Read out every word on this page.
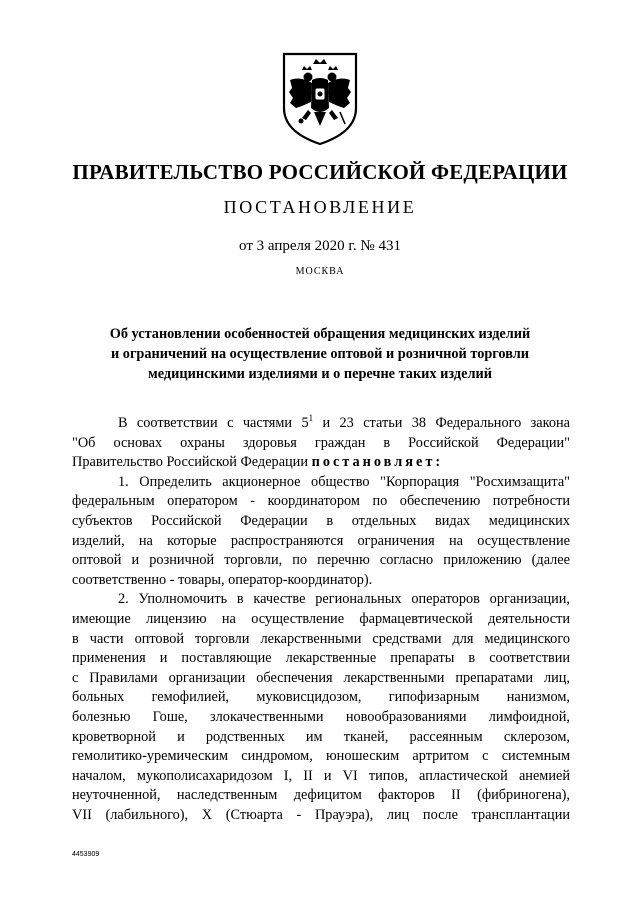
ПРАВИТЕЛЬСТВО РОССИЙСКОЙ ФЕДЕРАЦИИ
ПОСТАНОВЛЕНИЕ
от 3 апреля 2020 г. № 431
МОСКВА
Об установлении особенностей обращения медицинских изделий
и ограничений на осуществление оптовой и розничной торговли
медицинскими изделиями и о перечне таких изделий
В соответствии с частями $5^1$ и 23 статьи 38 Федерального закона
"Об основах охраны здоровья граждан в Российской Федерации"
Правительство Российской Федерации постановляет:
1. Определить акционерное общество "Корпорация "Росхимзащита"
федеральным оператором - координатором по обеспечению потребности
субъектов Российской Федерации в отдельных видах медицинских
изделий, на которые распространяются ограничения на осуществление
оптовой и розничной торговли, по перечню согласно приложению (далее
соответственно - товары, оператор-координатор).
2. Уполномочить в качестве региональных операторов организации,
имеющие лицензию на осуществление фармацевтической деятельности
в части оптовой торговли лекарственными средствами для медицинского
применения и поставляющие лекарственные препараты в соответствии
с Правилами организации обеспечения лекарственными препаратами лиц,
больных гемофилией, муковисцидозом, гипофизарным нанизмом,
болезнью Гоше, злокачественными новообразованиями лимфоидной,
кроветворной и родственных им тканей, рассеянным склерозом,
гемолитико-уремическим синдромом, юношеским артритом с системным
началом, мукополисахаридозом I, II и VI типов, апластической анемией
неуточненной, наследственным дефицитом факторов II (фибриногена),
VII (лабильного), X (Стюарта - Прауэра), лиц после трансплантации
4453909
